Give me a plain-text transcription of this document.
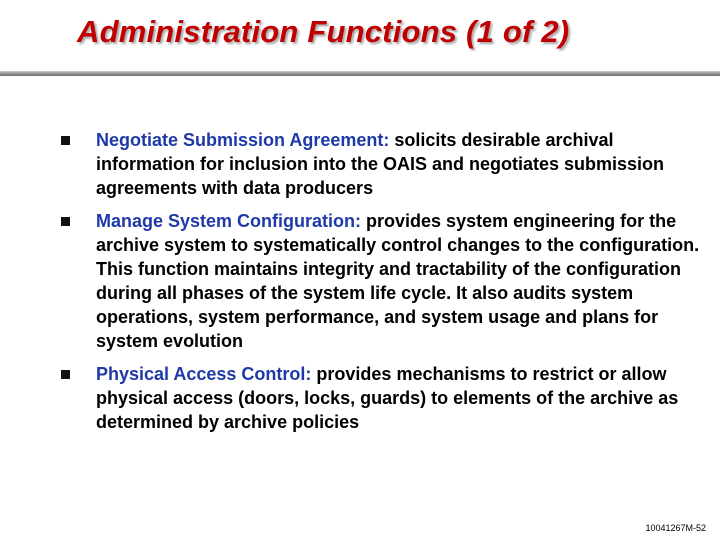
Administration Functions (1 of 2)
Negotiate Submission Agreement: solicits desirable archival information for inclusion into the OAIS and negotiates submission agreements with data producers
Manage System Configuration: provides system engineering for the archive system to systematically control changes to the configuration. This function maintains integrity and tractability of the configuration during all phases of the system life cycle. It also audits system operations, system performance, and system usage and plans for system evolution
Physical Access Control: provides mechanisms to restrict or allow physical access (doors, locks, guards) to elements of the archive as determined by archive policies
10041267M-52
